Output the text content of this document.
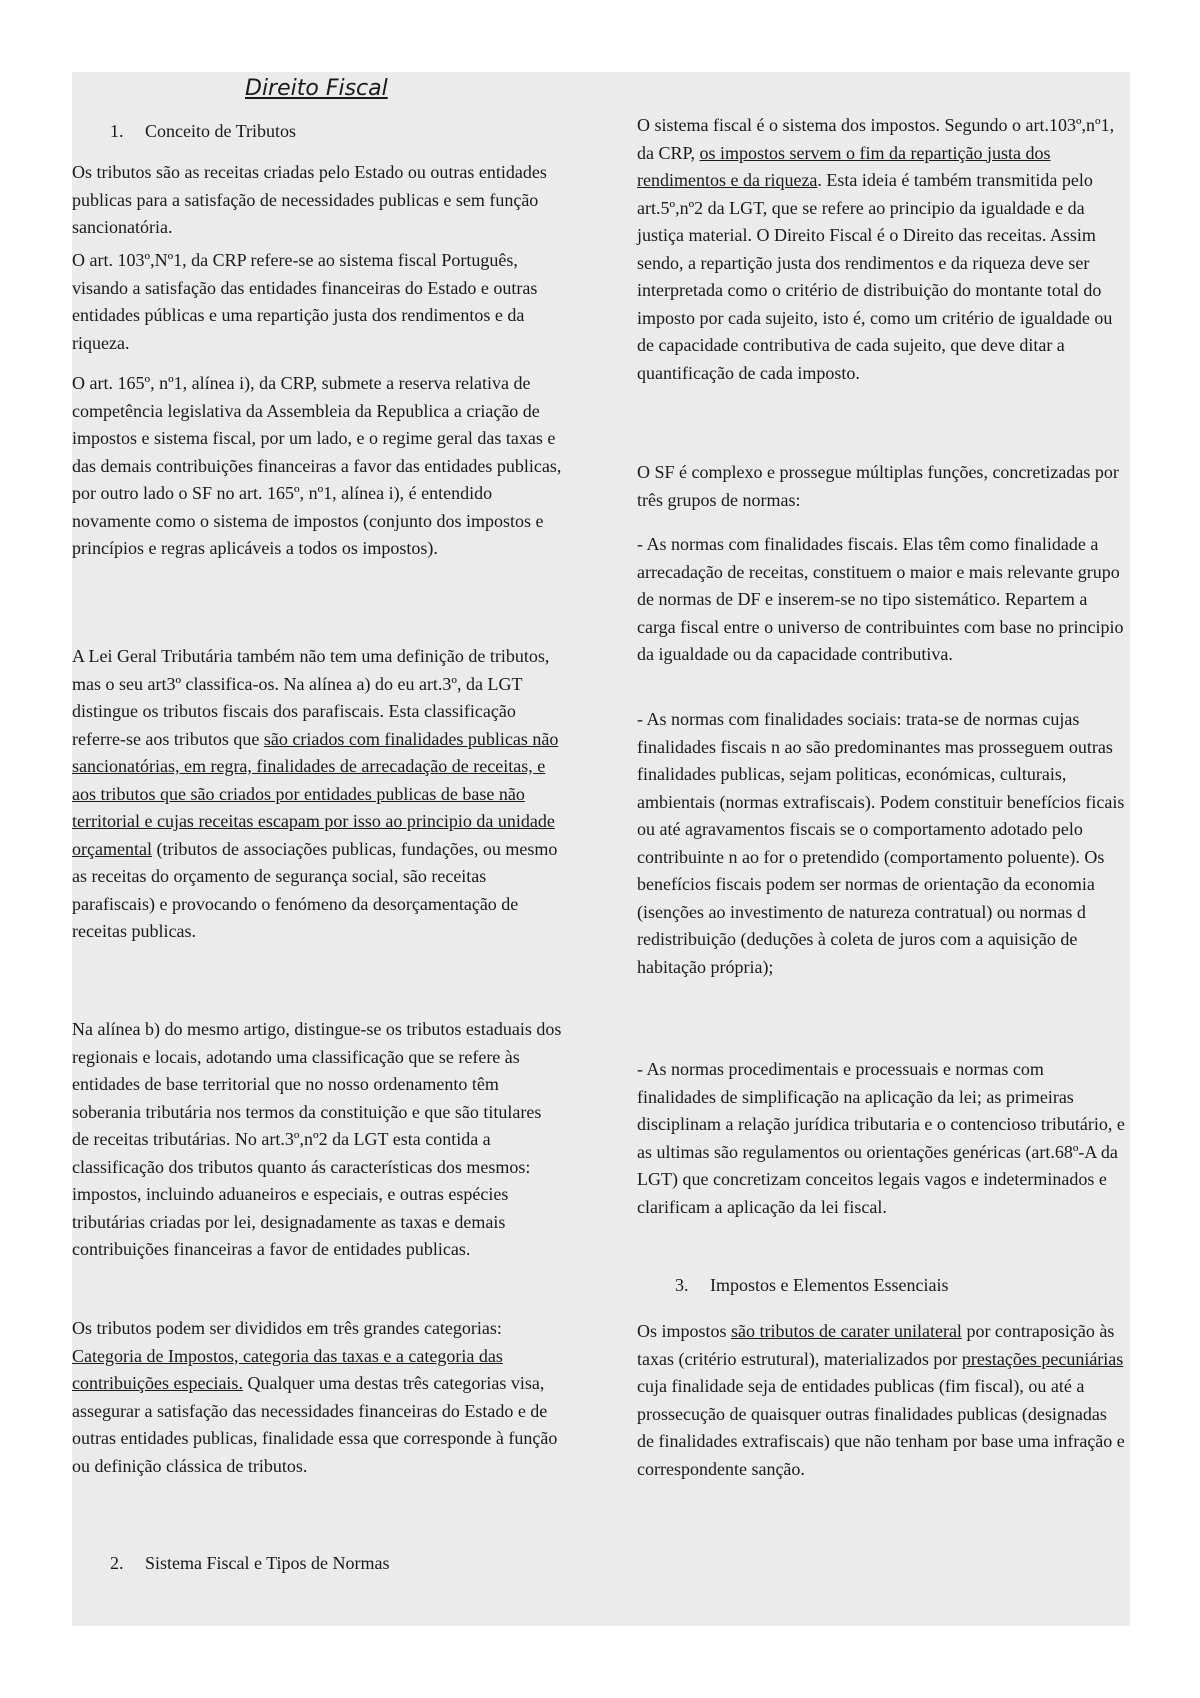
Direito Fiscal
1. Conceito de Tributos

Os tributos são as receitas criadas pelo Estado ou outras entidades publicas para a satisfação de necessidades publicas e sem função sancionatória.

O art. 103º,Nº1, da CRP refere-se ao sistema fiscal Português, visando a satisfação das entidades financeiras do Estado e outras entidades públicas e uma repartição justa dos rendimentos e da riqueza.

O art. 165º, nº1, alínea i), da CRP, submete a reserva relativa de competência legislativa da Assembleia da Republica a criação de impostos e sistema fiscal, por um lado, e o regime geral das taxas e das demais contribuições financeiras a favor das entidades publicas, por outro lado o SF no art. 165º, nº1, alínea i), é entendido novamente como o sistema de impostos (conjunto dos impostos e princípios e regras aplicáveis a todos os impostos).

A Lei Geral Tributária também não tem uma definição de tributos, mas o seu art3º classifica-os. Na alínea a) do eu art.3º, da LGT distingue os tributos fiscais dos parafiscais. Esta classificação referre-se aos tributos que são criados com finalidades publicas não sancionatórias, em regra, finalidades de arrecadação de receitas, e aos tributos que são criados por entidades publicas de base não territorial e cujas receitas escapam por isso ao principio da unidade orçamental (tributos de associações publicas, fundações, ou mesmo as receitas do orçamento de segurança social, são receitas parafiscais) e provocando o fenómeno da desorçamentação de receitas publicas.

Na alínea b) do mesmo artigo, distingue-se os tributos estaduais dos regionais e locais, adotando uma classificação que se refere às entidades de base territorial que no nosso ordenamento têm soberania tributária nos termos da constituição e que são titulares de receitas tributárias. No art.3º,nº2 da LGT esta contida a classificação dos tributos quanto ás características dos mesmos: impostos, incluindo aduaneiros e especiais, e outras espécies tributárias criadas por lei, designadamente as taxas e demais contribuições financeiras a favor de entidades publicas.

Os tributos podem ser divididos em três grandes categorias: Categoria de Impostos, categoria das taxas e a categoria das contribuições especiais. Qualquer uma destas três categorias visa, assegurar a satisfação das necessidades financeiras do Estado e de outras entidades publicas, finalidade essa que corresponde à função ou definição clássica de tributos.

2. Sistema Fiscal e Tipos de Normas

O sistema fiscal é o sistema dos impostos. Segundo o art.103º,nº1, da CRP, os impostos servem o fim da repartição justa dos rendimentos e da riqueza. Esta ideia é também transmitida pelo art.5º,nº2 da LGT, que se refere ao principio da igualdade e da justiça material. O Direito Fiscal é o Direito das receitas. Assim sendo, a repartição justa dos rendimentos e da riqueza deve ser interpretada como o critério de distribuição do montante total do imposto por cada sujeito, isto é, como um critério de igualdade ou de capacidade contributiva de cada sujeito, que deve ditar a quantificação de cada imposto.

O SF é complexo e prossegue múltiplas funções, concretizadas por três grupos de normas:

- As normas com finalidades fiscais. Elas têm como finalidade a arrecadação de receitas, constituem o maior e mais relevante grupo de normas de DF e inserem-se no tipo sistemático. Repartem a carga fiscal entre o universo de contribuintes com base no principio da igualdade ou da capacidade contributiva.

- As normas com finalidades sociais: trata-se de normas cujas finalidades fiscais n ao são predominantes mas prosseguem outras finalidades publicas, sejam politicas, económicas, culturais, ambientais (normas extrafiscais). Podem constituir benefícios ficais ou até agravamentos fiscais se o comportamento adotado pelo contribuinte n ao for o pretendido (comportamento poluente). Os benefícios fiscais podem ser normas de orientação da economia (isenções ao investimento de natureza contratual) ou normas d redistribuição (deduções à coleta de juros com a aquisição de habitação própria);

- As normas procedimentais e processuais e normas com finalidades de simplificação na aplicação da lei; as primeiras disciplinam a relação jurídica tributaria e o contencioso tributário, e as ultimas são regulamentos ou orientações genéricas (art.68º-A da LGT) que concretizam conceitos legais vagos e indeterminados e clarificam a aplicação da lei fiscal.

3. Impostos e Elementos Essenciais

Os impostos são tributos de carater unilateral por contraposição às taxas (critério estrutural), materializados por prestações pecuniárias cuja finalidade seja de entidades publicas (fim fiscal), ou até a prossecução de quaisquer outras finalidades publicas (designadas de finalidades extrafiscais) que não tenham por base uma infração e correspondente sanção.
